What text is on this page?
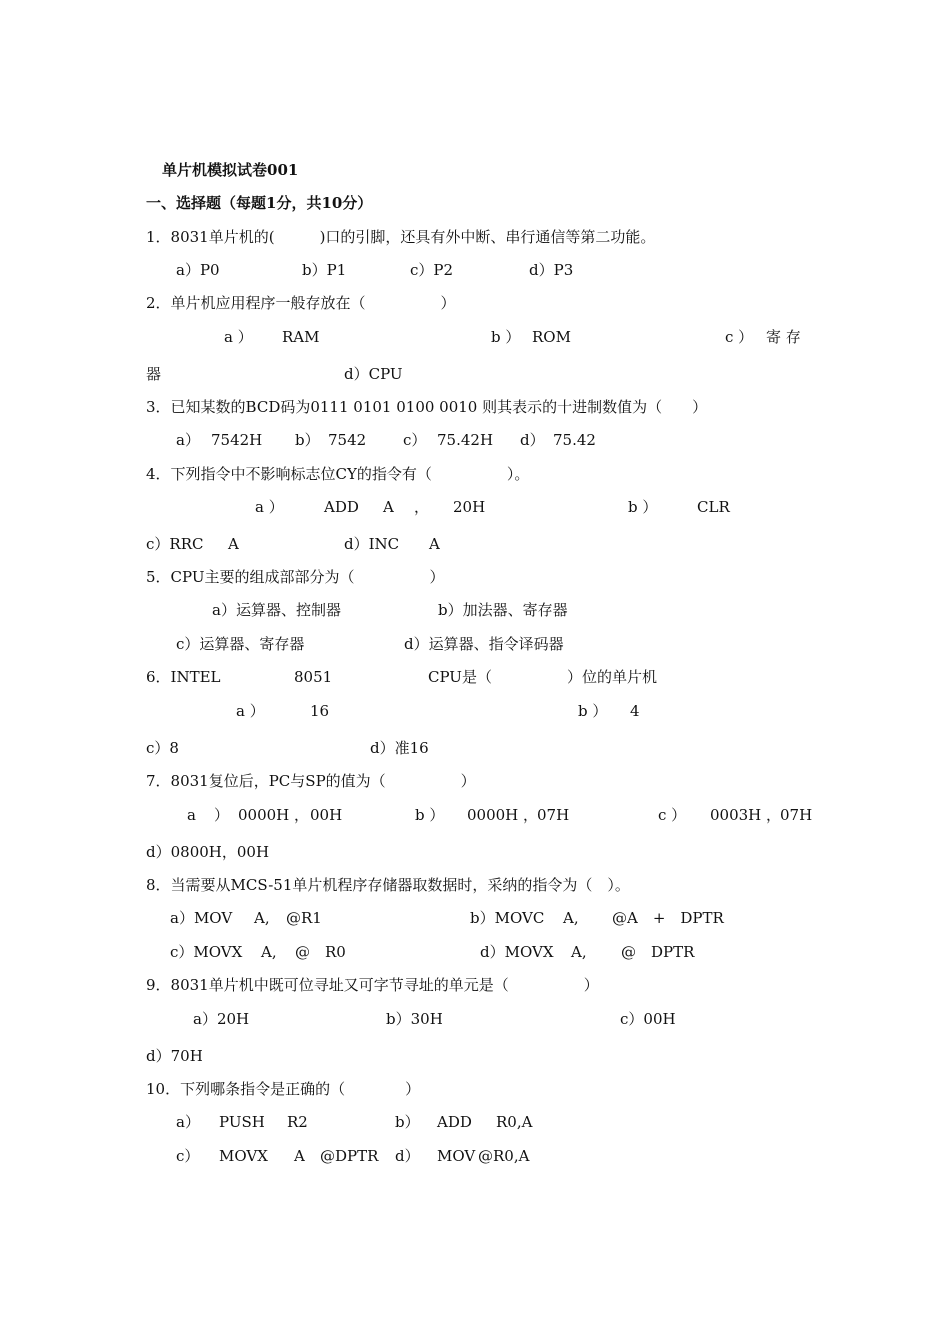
单片机模拟试卷001
一、选择题（每题1分，共10分）
1．8031单片机的(　　　)口的引脚，还具有外中断、串行通信等第二功能。
a）P0	b）P1	c）P2	d）P3
2．单片机应用程序一般存放在（　　　　　）
a ） RAM	b ） ROM	c ） 寄 存
器	d）CPU
3．已知某数的BCD码为0111 0101 0100 0010 则其表示的十进制数值为（　　）
a） 7542H b） 7542 c） 75.42H d） 75.42
4．下列指令中不影响标志位CY的指令有（　　　　　）。
a ）	ADD A ， 20H	b ）	CLR
c）RRC A	d）INC A
5．CPU主要的组成部部分为（　　　　　）
a）运算器、控制器	b）加法器、寄存器
c）运算器、寄存器	d）运算器、指令译码器
6．INTEL	8051	CPU是（　　　　　）位的单片机
a ）	16	b ） 4
c）8	d）准16
7．8031复位后，PC与SP的值为（　　　　　）
a ） 0000H ， 00H	b ） 0000H ，
07H	c ） 0003H ，
07H
d）0800H，00H
8．当需要从MCS-51单片机程序存储器取数据时，采纳的指令为（　）。
a）MOV A, @R1	b）MOVC A, @A　+　DPTR
c）MOVX A, @　R0	d）MOVX A, @　DPTR
9．8031单片机中既可位寻址又可字节寻址的单元是（　　　　　）
a）20H	b）30H	c）00H
d）70H
10．下列哪条指令是正确的（　　　　）
a） PUSH R2	b） ADD R0,A
c） MOVX A @DPTR d） MOV @R0,A
